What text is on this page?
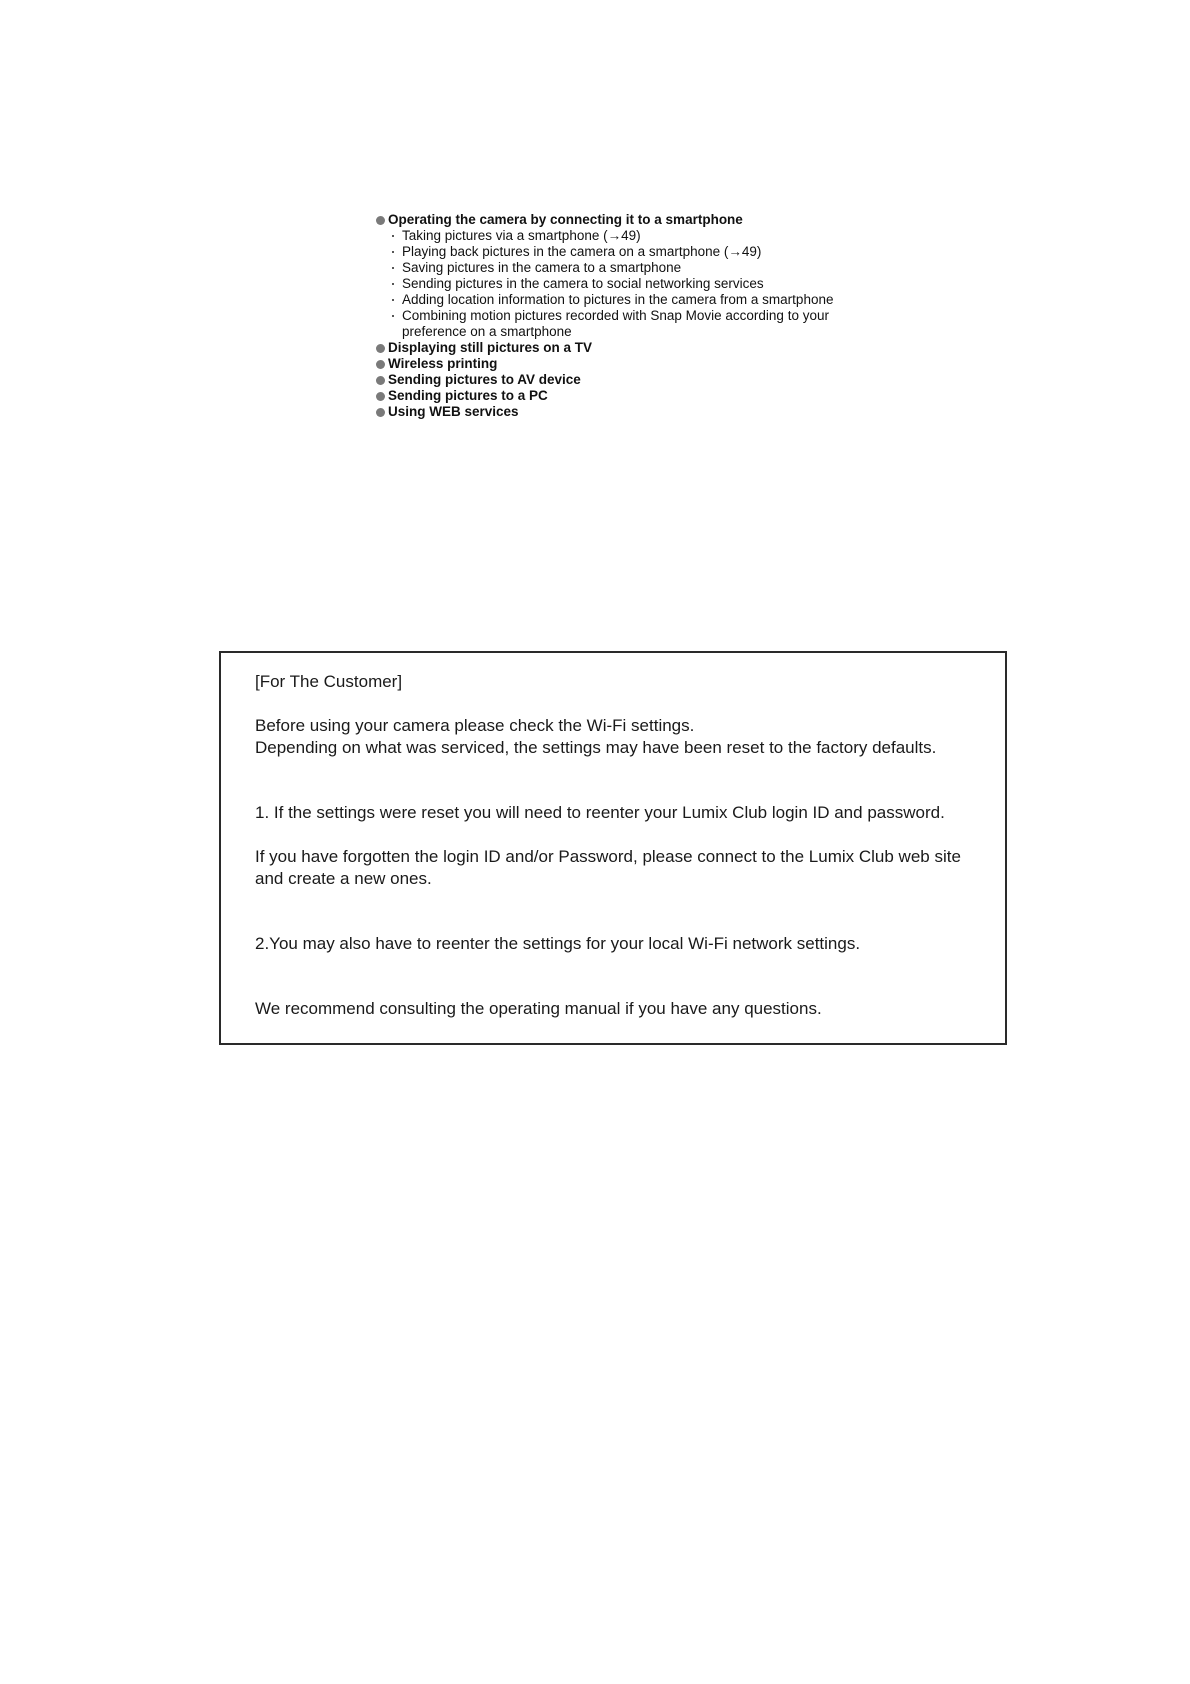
Operating the camera by connecting it to a smartphone
Taking pictures via a smartphone (→49)
Playing back pictures in the camera on a smartphone (→49)
Saving pictures in the camera to a smartphone
Sending pictures in the camera to social networking services
Adding location information to pictures in the camera from a smartphone
Combining motion pictures recorded with Snap Movie according to your preference on a smartphone
Displaying still pictures on a TV
Wireless printing
Sending pictures to AV device
Sending pictures to a PC
Using WEB services
[For The Customer]
Before using your camera please check the Wi-Fi settings.
Depending on what was serviced, the settings may have been reset to the factory defaults.
1. If the settings were reset you will need to reenter your Lumix Club login ID and password.
If you have forgotten the login ID and/or Password, please connect to the Lumix Club web site and create a new ones.
2.You may also have to reenter the settings for your local Wi-Fi network settings.
We recommend consulting the operating manual if you have any questions.
